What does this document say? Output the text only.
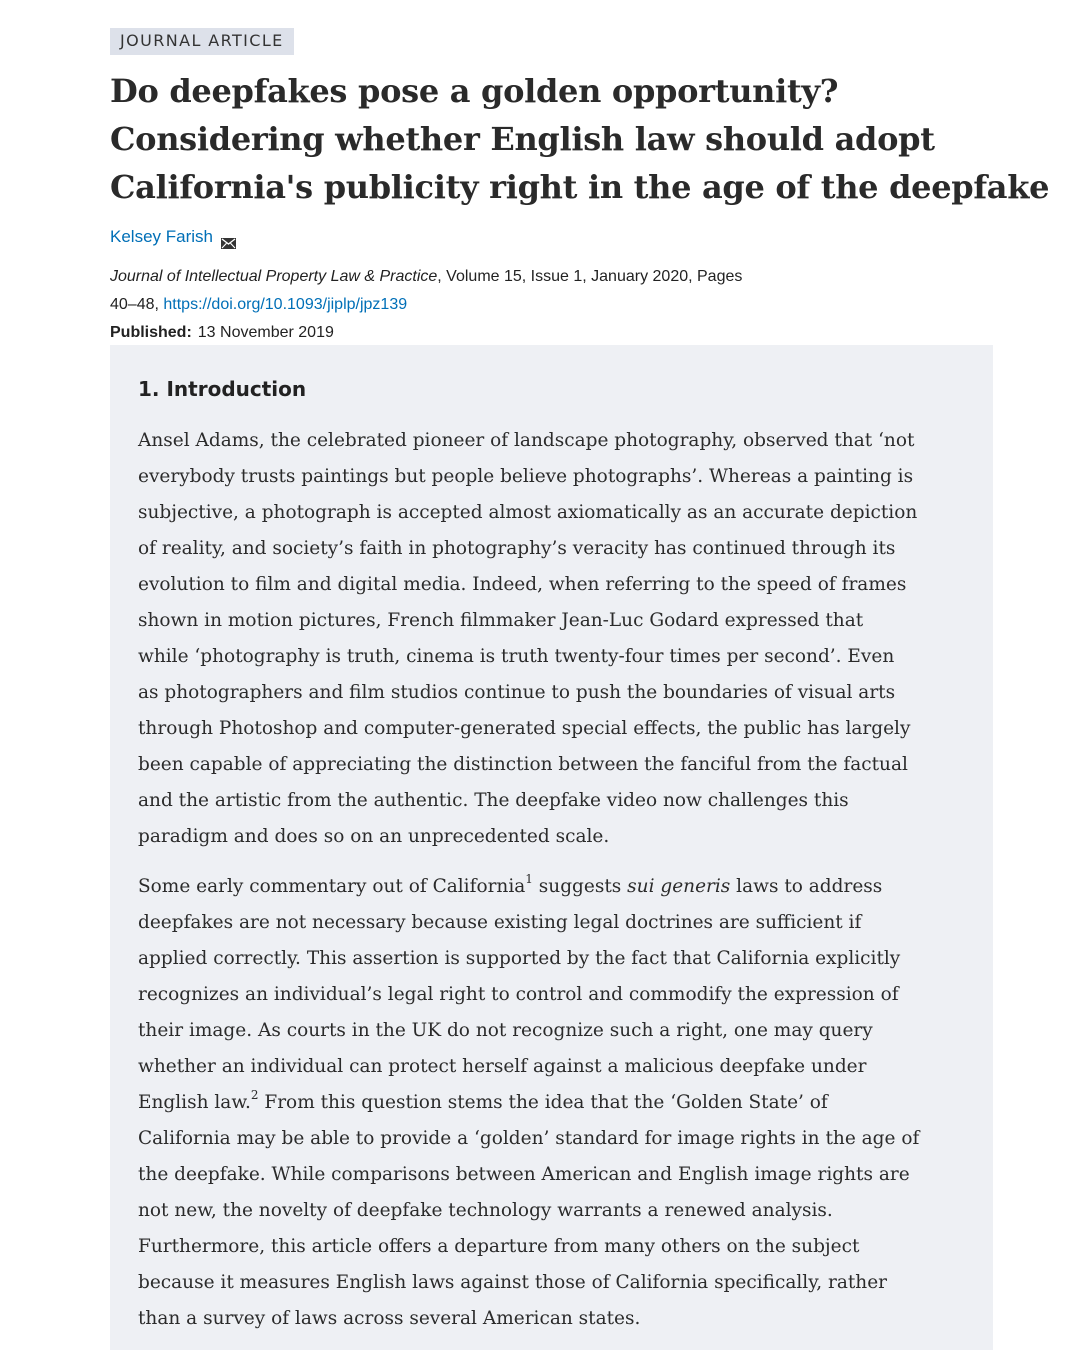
JOURNAL ARTICLE
Do deepfakes pose a golden opportunity?
Considering whether English law should adopt
California's publicity right in the age of the deepfake
Kelsey Farish
Journal of Intellectual Property Law & Practice, Volume 15, Issue 1, January 2020, Pages
40–48, https://doi.org/10.1093/jiplp/jpz139
Published: 13 November 2019
1. Introduction

Ansel Adams, the celebrated pioneer of landscape photography, observed that ‘not
everybody trusts paintings but people believe photographs’. Whereas a painting is
subjective, a photograph is accepted almost axiomatically as an accurate depiction
of reality, and society’s faith in photography’s veracity has continued through its
evolution to film and digital media. Indeed, when referring to the speed of frames
shown in motion pictures, French filmmaker Jean-Luc Godard expressed that
while ‘photography is truth, cinema is truth twenty-four times per second’. Even
as photographers and film studios continue to push the boundaries of visual arts
through Photoshop and computer-generated special effects, the public has largely
been capable of appreciating the distinction between the fanciful from the factual
and the artistic from the authentic. The deepfake video now challenges this
paradigm and does so on an unprecedented scale.

Some early commentary out of California$^1$ suggests sui generis laws to address
deepfakes are not necessary because existing legal doctrines are sufficient if
applied correctly. This assertion is supported by the fact that California explicitly
recognizes an individual’s legal right to control and commodify the expression of
their image. As courts in the UK do not recognize such a right, one may query
whether an individual can protect herself against a malicious deepfake under
English law.$^2$ From this question stems the idea that the ‘Golden State’ of
California may be able to provide a ‘golden’ standard for image rights in the age of
the deepfake. While comparisons between American and English image rights are
not new, the novelty of deepfake technology warrants a renewed analysis.
Furthermore, this article offers a departure from many others on the subject
because it measures English laws against those of California specifically, rather
than a survey of laws across several American states.
